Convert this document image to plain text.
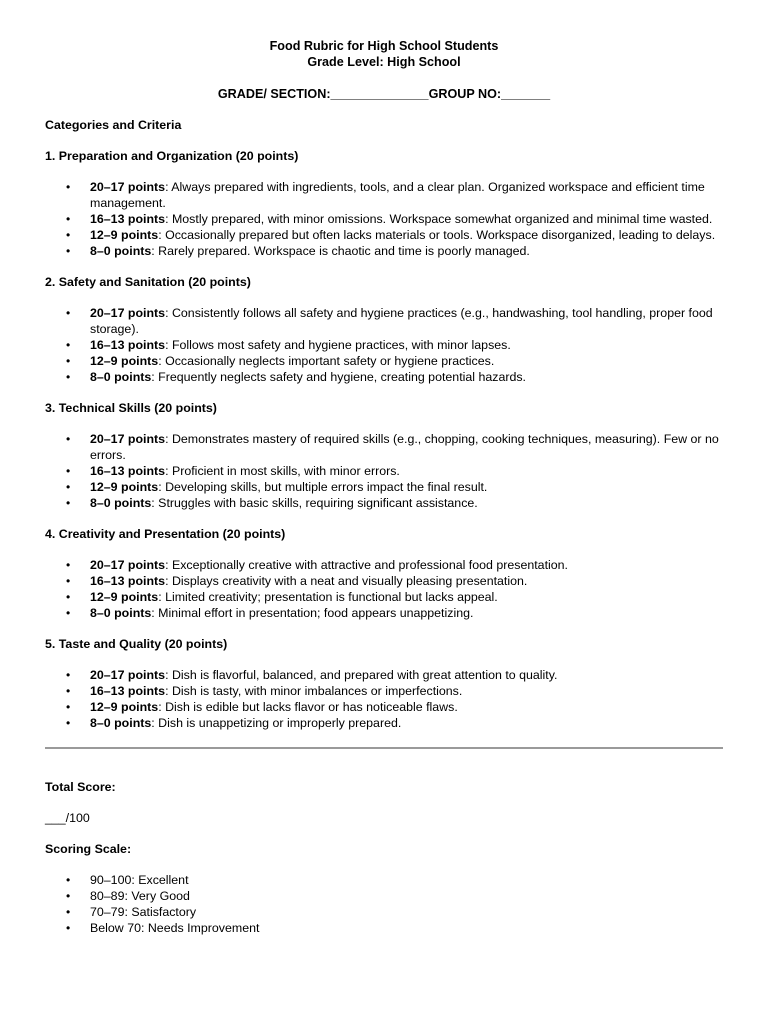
Food Rubric for High School Students
Grade Level: High School
GRADE/ SECTION:______________GROUP NO:_______
Categories and Criteria
1. Preparation and Organization (20 points)
• 20–17 points: Always prepared with ingredients, tools, and a clear plan. Organized workspace and efficient time management.
• 16–13 points: Mostly prepared, with minor omissions. Workspace somewhat organized and minimal time wasted.
• 12–9 points: Occasionally prepared but often lacks materials or tools. Workspace disorganized, leading to delays.
• 8–0 points: Rarely prepared. Workspace is chaotic and time is poorly managed.
2. Safety and Sanitation (20 points)
• 20–17 points: Consistently follows all safety and hygiene practices (e.g., handwashing, tool handling, proper food storage).
• 16–13 points: Follows most safety and hygiene practices, with minor lapses.
• 12–9 points: Occasionally neglects important safety or hygiene practices.
• 8–0 points: Frequently neglects safety and hygiene, creating potential hazards.
3. Technical Skills (20 points)
• 20–17 points: Demonstrates mastery of required skills (e.g., chopping, cooking techniques, measuring). Few or no errors.
• 16–13 points: Proficient in most skills, with minor errors.
• 12–9 points: Developing skills, but multiple errors impact the final result.
• 8–0 points: Struggles with basic skills, requiring significant assistance.
4. Creativity and Presentation (20 points)
• 20–17 points: Exceptionally creative with attractive and professional food presentation.
• 16–13 points: Displays creativity with a neat and visually pleasing presentation.
• 12–9 points: Limited creativity; presentation is functional but lacks appeal.
• 8–0 points: Minimal effort in presentation; food appears unappetizing.
5. Taste and Quality (20 points)
• 20–17 points: Dish is flavorful, balanced, and prepared with great attention to quality.
• 16–13 points: Dish is tasty, with minor imbalances or imperfections.
• 12–9 points: Dish is edible but lacks flavor or has noticeable flaws.
• 8–0 points: Dish is unappetizing or improperly prepared.
Total Score:
___/100
Scoring Scale:
• 90–100: Excellent
• 80–89: Very Good
• 70–79: Satisfactory
• Below 70: Needs Improvement
